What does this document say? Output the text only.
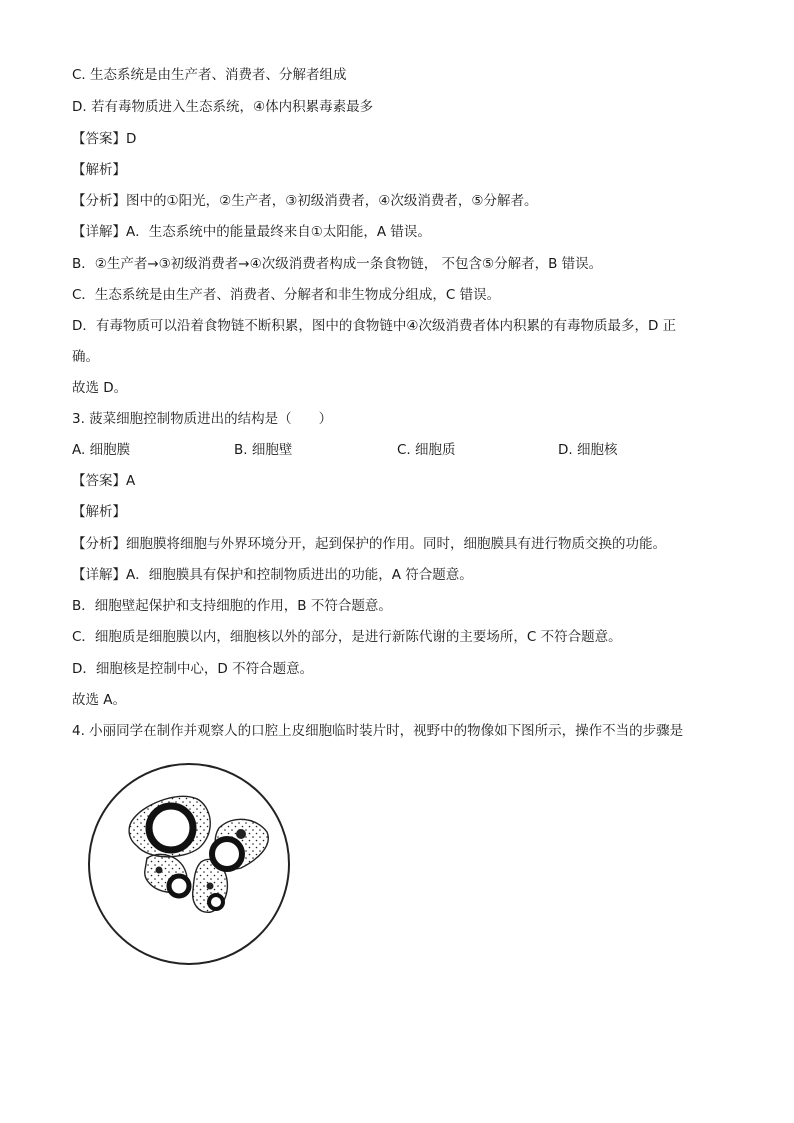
C. 生态系统是由生产者、消费者、分解者组成
D. 若有毒物质进入生态系统，④体内积累毒素最多
【答案】D
【解析】
【分析】图中的①阳光，②生产者，③初级消费者，④次级消费者，⑤分解者。
【详解】A．生态系统中的能量最终来自①太阳能，A 错误。
B．②生产者→③初级消费者→④次级消费者构成一条食物链， 不包含⑤分解者，B 错误。
C．生态系统是由生产者、消费者、分解者和非生物成分组成，C 错误。
D．有毒物质可以沿着食物链不断积累，图中的食物链中④次级消费者体内积累的有毒物质最多，D 正
确。
故选 D。
3. 菠菜细胞控制物质进出的结构是（　　）
A. 细胞膜	B. 细胞壁	C. 细胞质	D. 细胞核
【答案】A
【解析】
【分析】细胞膜将细胞与外界环境分开，起到保护的作用。同时，细胞膜具有进行物质交换的功能。
【详解】A．细胞膜具有保护和控制物质进出的功能，A 符合题意。
B．细胞壁起保护和支持细胞的作用，B 不符合题意。
C．细胞质是细胞膜以内，细胞核以外的部分，是进行新陈代谢的主要场所，C 不符合题意。
D．细胞核是控制中心，D 不符合题意。
故选 A。
4. 小丽同学在制作并观察人的口腔上皮细胞临时装片时，视野中的物像如下图所示，操作不当的步骤是
